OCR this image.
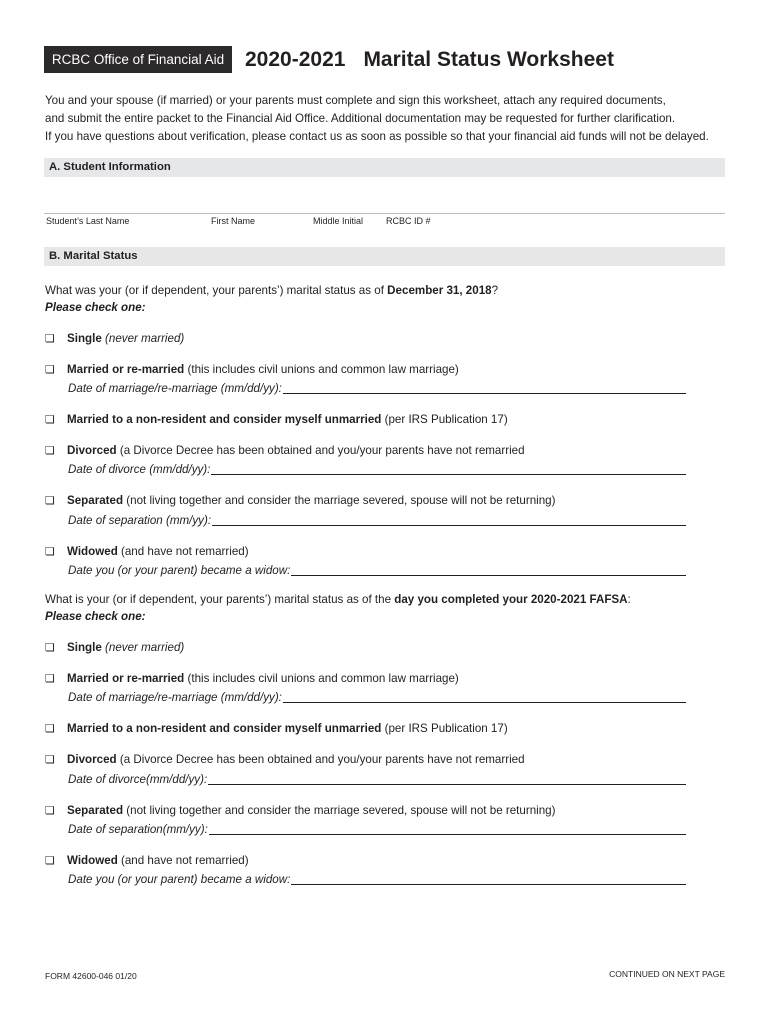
RCBC Office of Financial Aid 2020-2021 Marital Status Worksheet
You and your spouse (if married) or your parents must complete and sign this worksheet, attach any required documents,
and submit the entire packet to the Financial Aid Office. Additional documentation may be requested for further clarification.
If you have questions about verification, please contact us as soon as possible so that your financial aid funds will not be delayed.
A. Student Information
Student’s Last Name	First Name	Middle Initial	RCBC ID #
B. Marital Status
What was your (or if dependent, your parents’) marital status as of December 31, 2018?
Please check one:
❏ Single (never married)
❏ Married or re-married (this includes civil unions and common law marriage)
Date of marriage/re-marriage (mm/dd/yy):
❏ Married to a non-resident and consider myself unmarried (per IRS Publication 17)
❏ Divorced (a Divorce Decree has been obtained and you/your parents have not remarried
Date of divorce (mm/dd/yy):
❏ Separated (not living together and consider the marriage severed, spouse will not be returning)
Date of separation (mm/yy):
❏ Widowed (and have not remarried)
Date you (or your parent) became a widow:
What is your (or if dependent, your parents’) marital status as of the day you completed your 2020-2021 FAFSA:
Please check one:
❏ Single (never married)
❏ Married or re-married (this includes civil unions and common law marriage)
Date of marriage/re-marriage (mm/dd/yy):
❏ Married to a non-resident and consider myself unmarried (per IRS Publication 17)
❏ Divorced (a Divorce Decree has been obtained and you/your parents have not remarried
Date of divorce(mm/dd/yy):
❏ Separated (not living together and consider the marriage severed, spouse will not be returning)
Date of separation(mm/yy):
❏ Widowed (and have not remarried)
Date you (or your parent) became a widow:
FORM 42600-046 01/20	CONTINUED ON NEXT PAGE
